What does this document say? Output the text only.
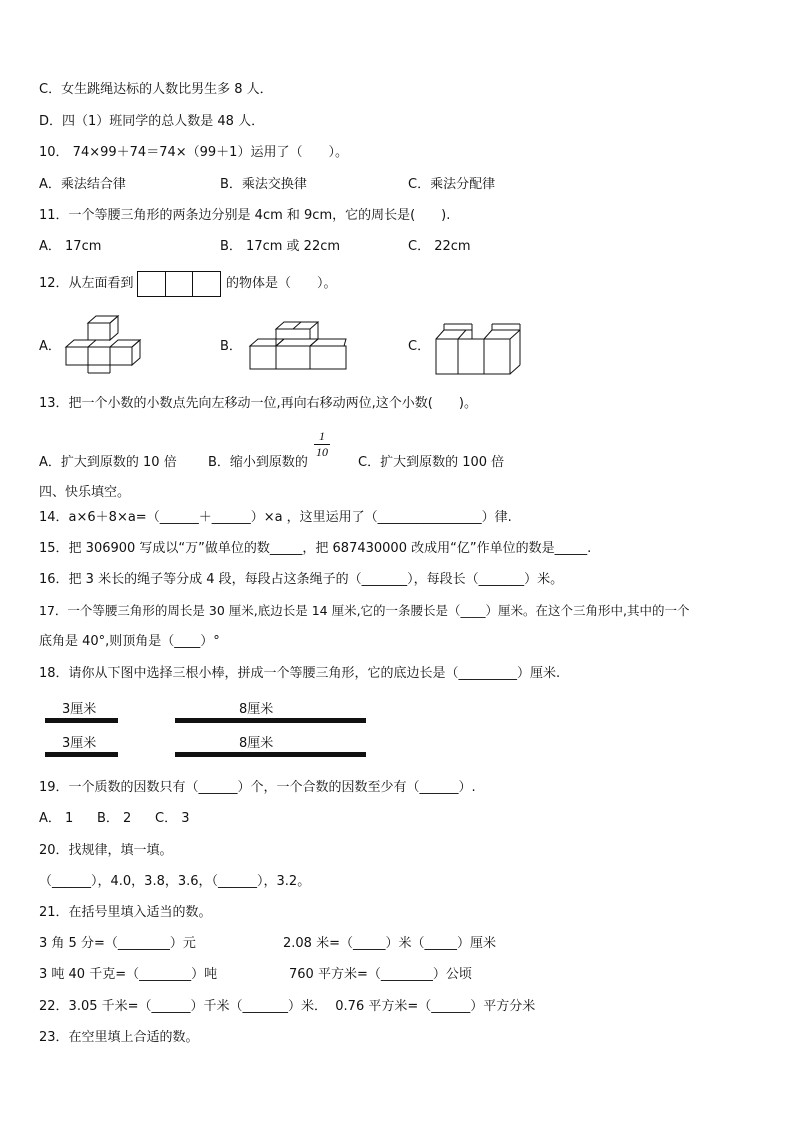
C．女生跳绳达标的人数比男生多 8 人．
D．四（1）班同学的总人数是 48 人．
10． 74×99＋74＝74×（99＋1）运用了（　　）。
A．乘法结合律	B．乘法交换律	C．乘法分配律
11．一个等腰三角形的两条边分别是 4cm 和 9cm，它的周长是(　　).
A． 17cm	B． 17cm 或 22cm	C． 22cm
12．从左面看到	的物体是（　　）。
A．	B．	C．
13．把一个小数的小数点先向左移动一位,再向右移动两位,这个小数(　　)。
A．扩大到原数的 10 倍 B．缩小到原数的
1
10
C．扩大到原数的 100 倍
四、快乐填空。
14．a×6＋8×a=（______＋______）×a ，这里运用了（________________）律.
15．把 306900 写成以“万”做单位的数_____，把 687430000 改成用“亿”作单位的数是_____.
16．把 3 米长的绳子等分成 4 段，每段占这条绳子的（_______），每段长（_______）米。
17．一个等腰三角形的周长是 30 厘米,底边长是 14 厘米,它的一条腰长是（____）厘米。在这个三角形中,其中的一个
底角是 40°,则顶角是（____）°
18．请你从下图中选择三根小棒，拼成一个等腰三角形，它的底边长是（_________）厘米.
3厘米	8厘米
3厘米	8厘米
19．一个质数的因数只有（______）个，一个合数的因数至少有（______）.
A． 1 B． 2 C． 3
20．找规律，填一填。
（______），4.0，3.8，3.6，（______），3.2。
21．在括号里填入适当的数。
3 角 5 分=（________）元	2.08 米=（_____）米（_____）厘米
3 吨 40 千克=（________）吨	760 平方米=（________）公顷
22．3.05 千米=（______）千米（_______）米．  0.76 平方米=（______）平方分米
23．在空里填上合适的数。
